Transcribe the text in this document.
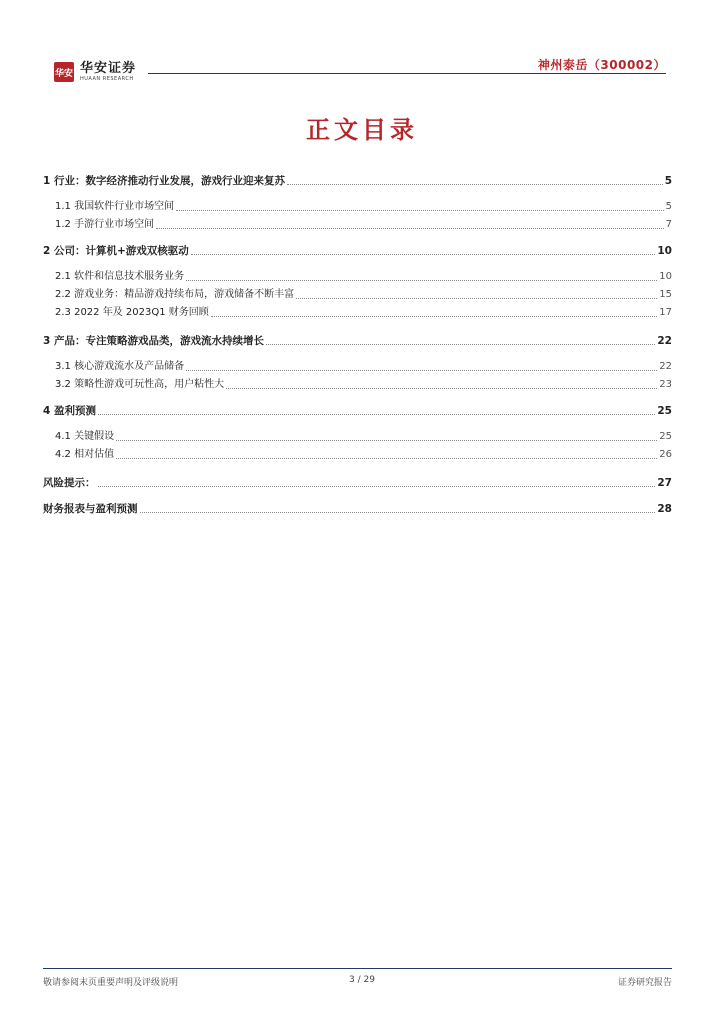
华安 华安证券
HUAAN RESEARCH
神州泰岳（300002）
正文目录
1 行业：数字经济推动行业发展，游戏行业迎来复苏	5
1.1 我国软件行业市场空间	5
1.2 手游行业市场空间	7
2 公司：计算机+游戏双核驱动	10
2.1 软件和信息技术服务业务	10
2.2 游戏业务：精品游戏持续布局，游戏储备不断丰富	15
2.3 2022 年及 2023Q1 财务回顾	17
3 产品：专注策略游戏品类，游戏流水持续增长	22
3.1 核心游戏流水及产品储备	22
3.2 策略性游戏可玩性高，用户粘性大	23
4 盈利预测	25
4.1 关键假设	25
4.2 相对估值	26
风险提示：	27
财务报表与盈利预测	28
敬请参阅末页重要声明及评级说明	3 / 29	证券研究报告
